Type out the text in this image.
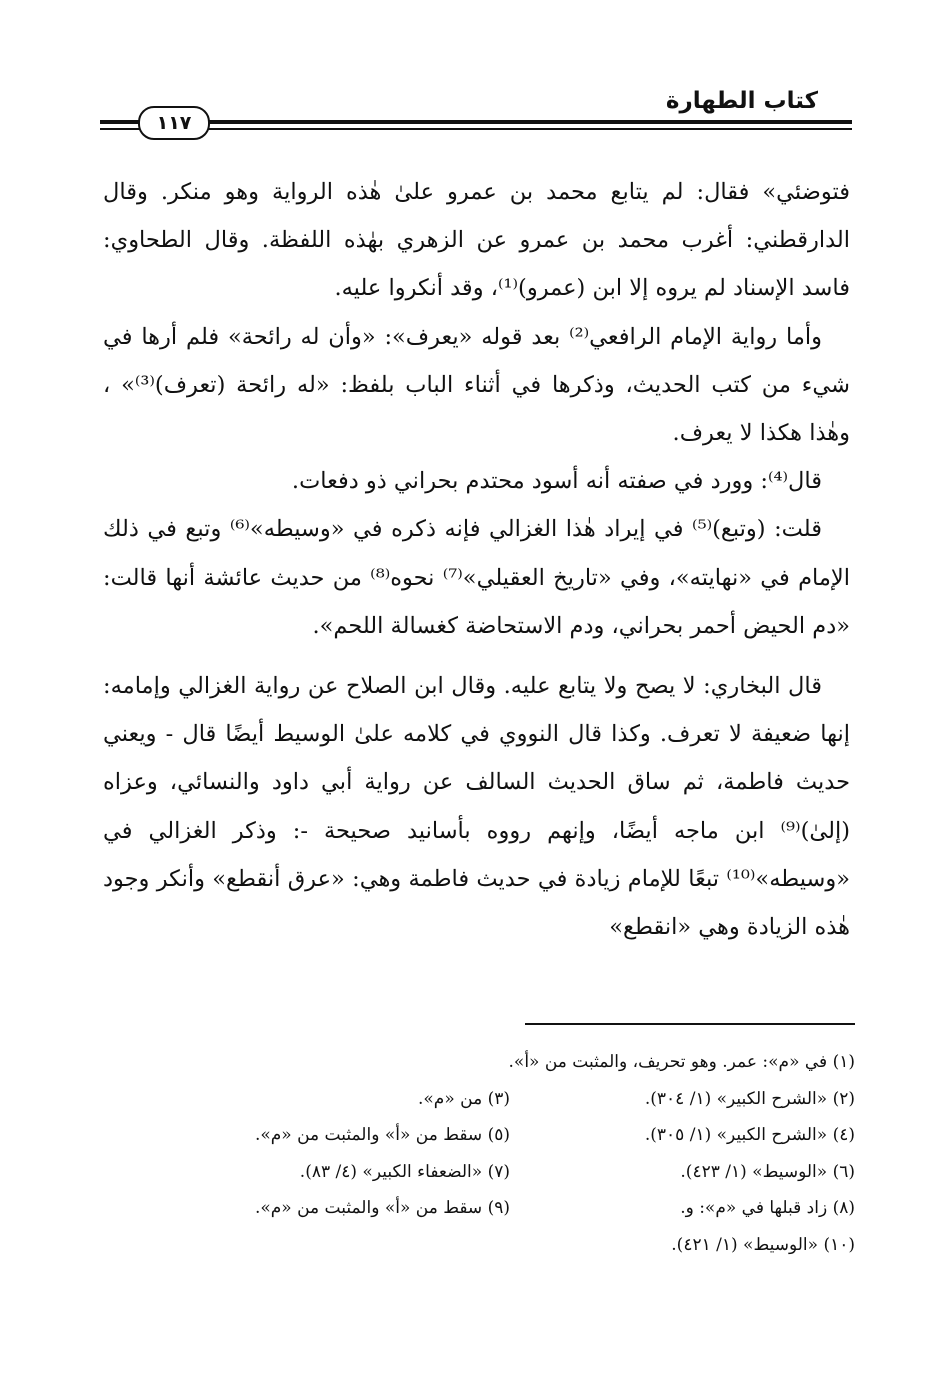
كتاب الطهارة
١١٧

فتوضئي» فقال: لم يتابع محمد بن عمرو علىٰ هٰذه الرواية وهو منكر. وقال الدارقطني: أغرب محمد بن عمرو عن الزهري بهٰذه اللفظة. وقال الطحاوي: فاسد الإسناد لم يروه إلا ابن (عمرو)⁽¹⁾، وقد أنكروا عليه.

وأما رواية الإمام الرافعي⁽²⁾ بعد قوله «يعرف»: «وأن له رائحة» فلم أرها في شيء من كتب الحديث، وذكرها في أثناء الباب بلفظ: «له رائحة (تعرف)⁽³⁾» ، وهٰذا هكذا لا يعرف.

قال⁽⁴⁾: وورد في صفته أنه أسود محتدم بحراني ذو دفعات.

قلت: (وتبع)⁽⁵⁾ في إيراد هٰذا الغزالي فإنه ذكره في «وسيطه»⁽⁶⁾ وتبع في ذلك الإمام في «نهايته»، وفي «تاريخ العقيلي»⁽⁷⁾ نحوه⁽⁸⁾ من حديث عائشة أنها قالت: «دم الحيض أحمر بحراني، ودم الاستحاضة كغسالة اللحم».

قال البخاري: لا يصح ولا يتابع عليه. وقال ابن الصلاح عن رواية الغزالي وإمامه: إنها ضعيفة لا تعرف. وكذا قال النووي في كلامه علىٰ الوسيط أيضًا قال - ويعني حديث فاطمة، ثم ساق الحديث السالف عن رواية أبي داود والنسائي، وعزاه (إلىٰ)⁽⁹⁾ ابن ماجه أيضًا، وإنهم رووه بأسانيد صحيحة -: وذكر الغزالي في «وسيطه»⁽¹⁰⁾ تبعًا للإمام زيادة في حديث فاطمة وهي: «عرق أنقطع» وأنكر وجود هٰذه الزيادة وهي «انقطع»

(١) في «م»: عمر. وهو تحريف، والمثبت من «أ».
(٢) «الشرح الكبير» (١/ ٣٠٤).
(٣) من «م».
(٤) «الشرح الكبير» (١/ ٣٠٥).
(٥) سقط من «أ» والمثبت من «م».
(٦) «الوسيط» (١/ ٤٢٣).
(٧) «الضعفاء الكبير» (٤/ ٨٣).
(٨) زاد قبلها في «م»: و.
(٩) سقط من «أ» والمثبت من «م».
(١٠) «الوسيط» (١/ ٤٢١).
